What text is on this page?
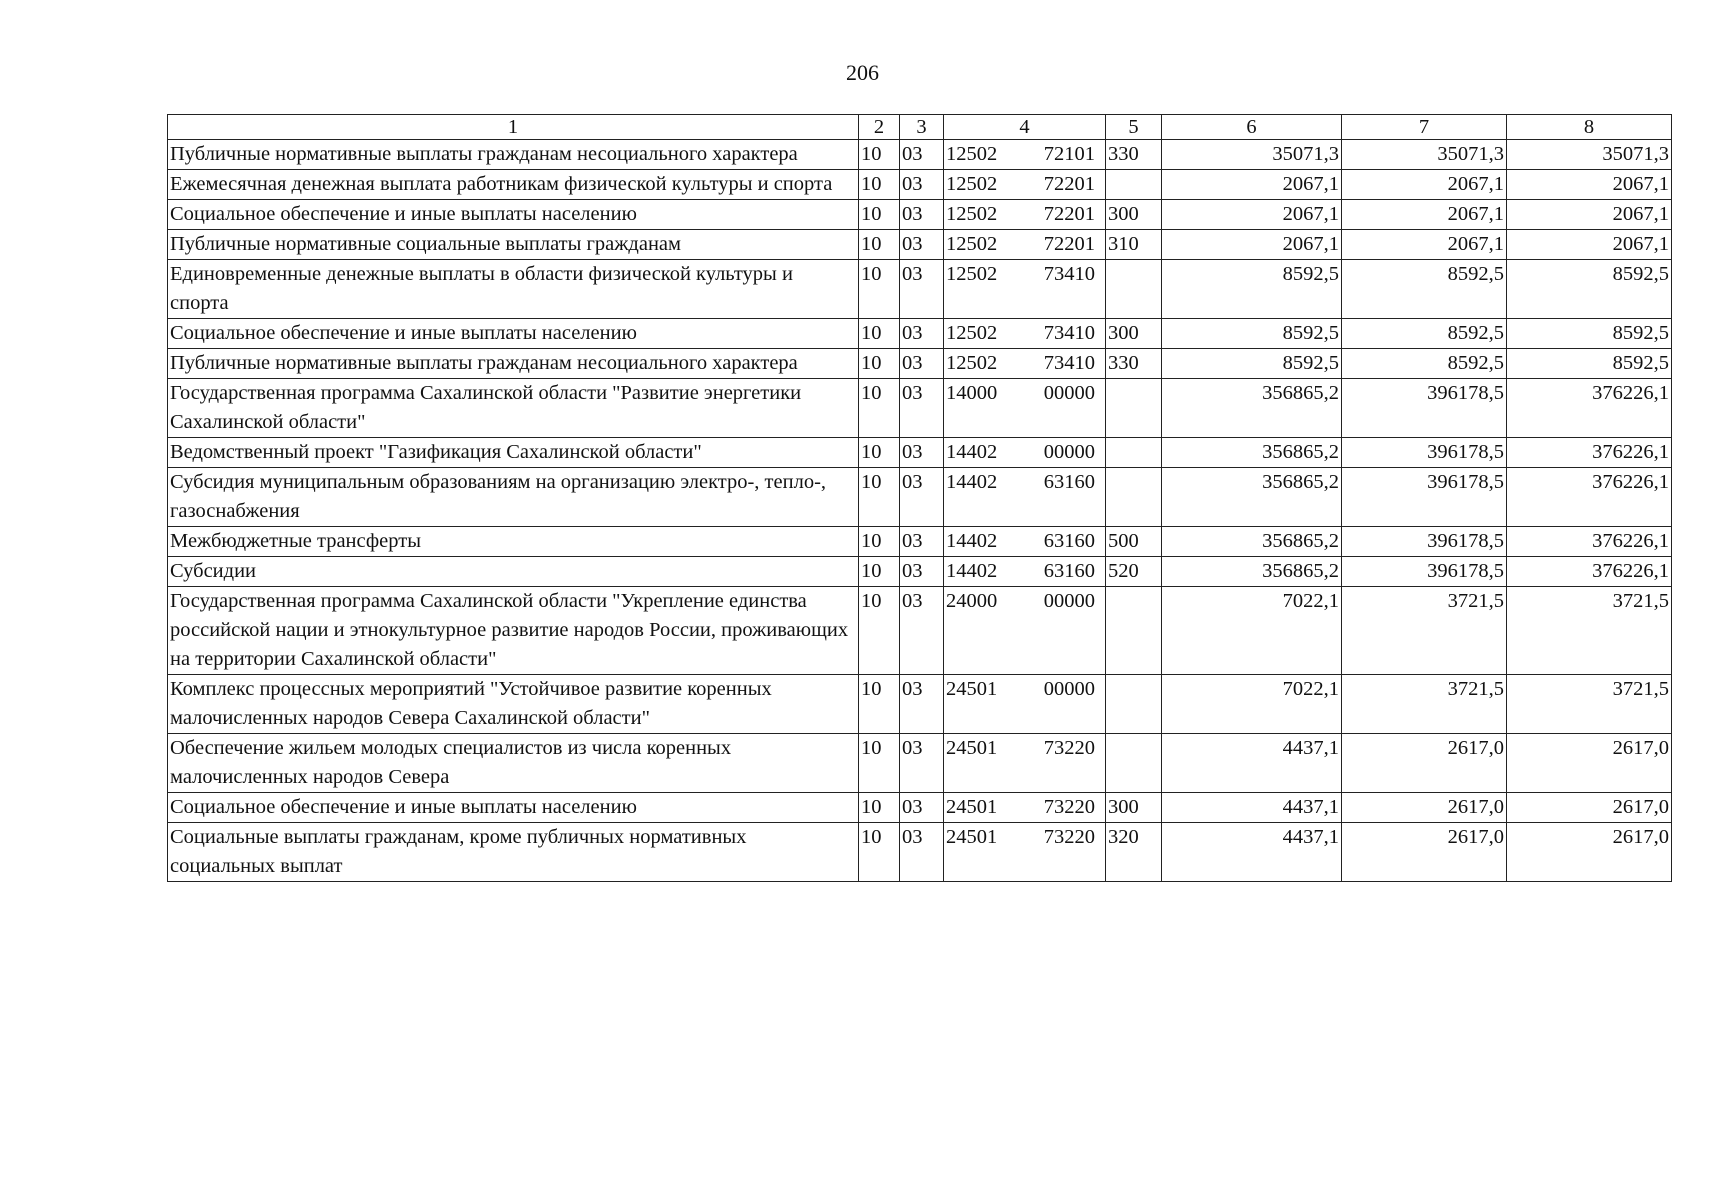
206
1	2	3	4	5	6	7	8
Публичные нормативные выплаты гражданам несоциального характера	10	03	12502 72101	330	35071,3	35071,3	35071,3
Ежемесячная денежная выплата работникам физической культуры и спорта	10	03	12502 72201		2067,1	2067,1	2067,1
Социальное обеспечение и иные выплаты населению	10	03	12502 72201	300	2067,1	2067,1	2067,1
Публичные нормативные социальные выплаты гражданам	10	03	12502 72201	310	2067,1	2067,1	2067,1
Единовременные денежные выплаты в области физической культуры и спорта	10	03	12502 73410		8592,5	8592,5	8592,5
Социальное обеспечение и иные выплаты населению	10	03	12502 73410	300	8592,5	8592,5	8592,5
Публичные нормативные выплаты гражданам несоциального характера	10	03	12502 73410	330	8592,5	8592,5	8592,5
Государственная программа Сахалинской области "Развитие энергетики Сахалинской области"	10	03	14000 00000		356865,2	396178,5	376226,1
Ведомственный проект "Газификация Сахалинской области"	10	03	14402 00000		356865,2	396178,5	376226,1
Субсидия муниципальным образованиям на организацию электро-, тепло-, газоснабжения	10	03	14402 63160		356865,2	396178,5	376226,1
Межбюджетные трансферты	10	03	14402 63160	500	356865,2	396178,5	376226,1
Субсидии	10	03	14402 63160	520	356865,2	396178,5	376226,1
Государственная программа Сахалинской области "Укрепление единства российской нации и этнокультурное развитие народов России, проживающих на территории Сахалинской области"	10	03	24000 00000		7022,1	3721,5	3721,5
Комплекс процессных мероприятий "Устойчивое развитие коренных малочисленных народов Севера Сахалинской области"	10	03	24501 00000		7022,1	3721,5	3721,5
Обеспечение жильем молодых специалистов из числа коренных малочисленных народов Севера	10	03	24501 73220		4437,1	2617,0	2617,0
Социальное обеспечение и иные выплаты населению	10	03	24501 73220	300	4437,1	2617,0	2617,0
Социальные выплаты гражданам, кроме публичных нормативных социальных выплат	10	03	24501 73220	320	4437,1	2617,0	2617,0
